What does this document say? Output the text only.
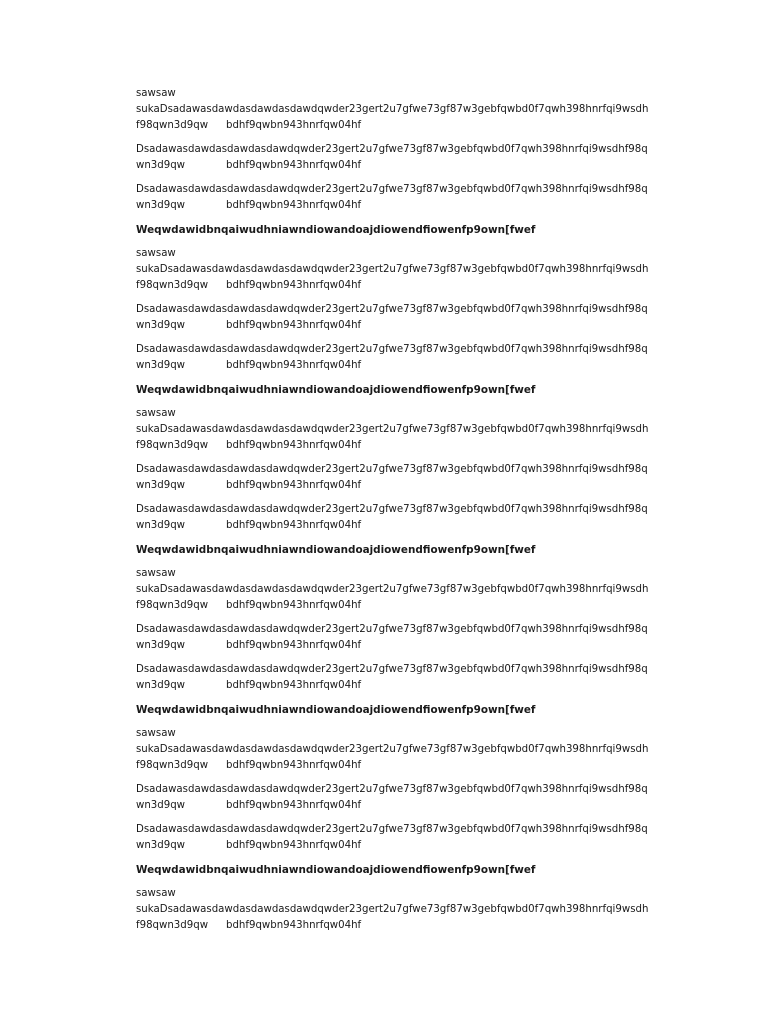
sawsaw
sukaDsadawasdawdasdawdasdawdqwder23gert2u7gfwe73gf87w3gebfqwbd0f7qwh398hnrfqi9wsdh
f98qwn3d9qw bdhf9qwbn943hnrfqw04hf
Dsadawasdawdasdawdasdawdqwder23gert2u7gfwe73gf87w3gebfqwbd0f7qwh398hnrfqi9wsdhf98q
wn3d9qw	bdhf9qwbn943hnrfqw04hf
Dsadawasdawdasdawdasdawdqwder23gert2u7gfwe73gf87w3gebfqwbd0f7qwh398hnrfqi9wsdhf98q
wn3d9qw	bdhf9qwbn943hnrfqw04hf
Weqwdawidbnqaiwudhniawndiowandoajdiowendfiowenfp9own[fwef
sawsaw
sukaDsadawasdawdasdawdasdawdqwder23gert2u7gfwe73gf87w3gebfqwbd0f7qwh398hnrfqi9wsdh
f98qwn3d9qw bdhf9qwbn943hnrfqw04hf
Dsadawasdawdasdawdasdawdqwder23gert2u7gfwe73gf87w3gebfqwbd0f7qwh398hnrfqi9wsdhf98q
wn3d9qw	bdhf9qwbn943hnrfqw04hf
Dsadawasdawdasdawdasdawdqwder23gert2u7gfwe73gf87w3gebfqwbd0f7qwh398hnrfqi9wsdhf98q
wn3d9qw	bdhf9qwbn943hnrfqw04hf
Weqwdawidbnqaiwudhniawndiowandoajdiowendfiowenfp9own[fwef
sawsaw
sukaDsadawasdawdasdawdasdawdqwder23gert2u7gfwe73gf87w3gebfqwbd0f7qwh398hnrfqi9wsdh
f98qwn3d9qw bdhf9qwbn943hnrfqw04hf
Dsadawasdawdasdawdasdawdqwder23gert2u7gfwe73gf87w3gebfqwbd0f7qwh398hnrfqi9wsdhf98q
wn3d9qw	bdhf9qwbn943hnrfqw04hf
Dsadawasdawdasdawdasdawdqwder23gert2u7gfwe73gf87w3gebfqwbd0f7qwh398hnrfqi9wsdhf98q
wn3d9qw	bdhf9qwbn943hnrfqw04hf
Weqwdawidbnqaiwudhniawndiowandoajdiowendfiowenfp9own[fwef
sawsaw
sukaDsadawasdawdasdawdasdawdqwder23gert2u7gfwe73gf87w3gebfqwbd0f7qwh398hnrfqi9wsdh
f98qwn3d9qw bdhf9qwbn943hnrfqw04hf
Dsadawasdawdasdawdasdawdqwder23gert2u7gfwe73gf87w3gebfqwbd0f7qwh398hnrfqi9wsdhf98q
wn3d9qw	bdhf9qwbn943hnrfqw04hf
Dsadawasdawdasdawdasdawdqwder23gert2u7gfwe73gf87w3gebfqwbd0f7qwh398hnrfqi9wsdhf98q
wn3d9qw	bdhf9qwbn943hnrfqw04hf
Weqwdawidbnqaiwudhniawndiowandoajdiowendfiowenfp9own[fwef
sawsaw
sukaDsadawasdawdasdawdasdawdqwder23gert2u7gfwe73gf87w3gebfqwbd0f7qwh398hnrfqi9wsdh
f98qwn3d9qw bdhf9qwbn943hnrfqw04hf
Dsadawasdawdasdawdasdawdqwder23gert2u7gfwe73gf87w3gebfqwbd0f7qwh398hnrfqi9wsdhf98q
wn3d9qw	bdhf9qwbn943hnrfqw04hf
Dsadawasdawdasdawdasdawdqwder23gert2u7gfwe73gf87w3gebfqwbd0f7qwh398hnrfqi9wsdhf98q
wn3d9qw	bdhf9qwbn943hnrfqw04hf
Weqwdawidbnqaiwudhniawndiowandoajdiowendfiowenfp9own[fwef
sawsaw
sukaDsadawasdawdasdawdasdawdqwder23gert2u7gfwe73gf87w3gebfqwbd0f7qwh398hnrfqi9wsdh
f98qwn3d9qw bdhf9qwbn943hnrfqw04hf
